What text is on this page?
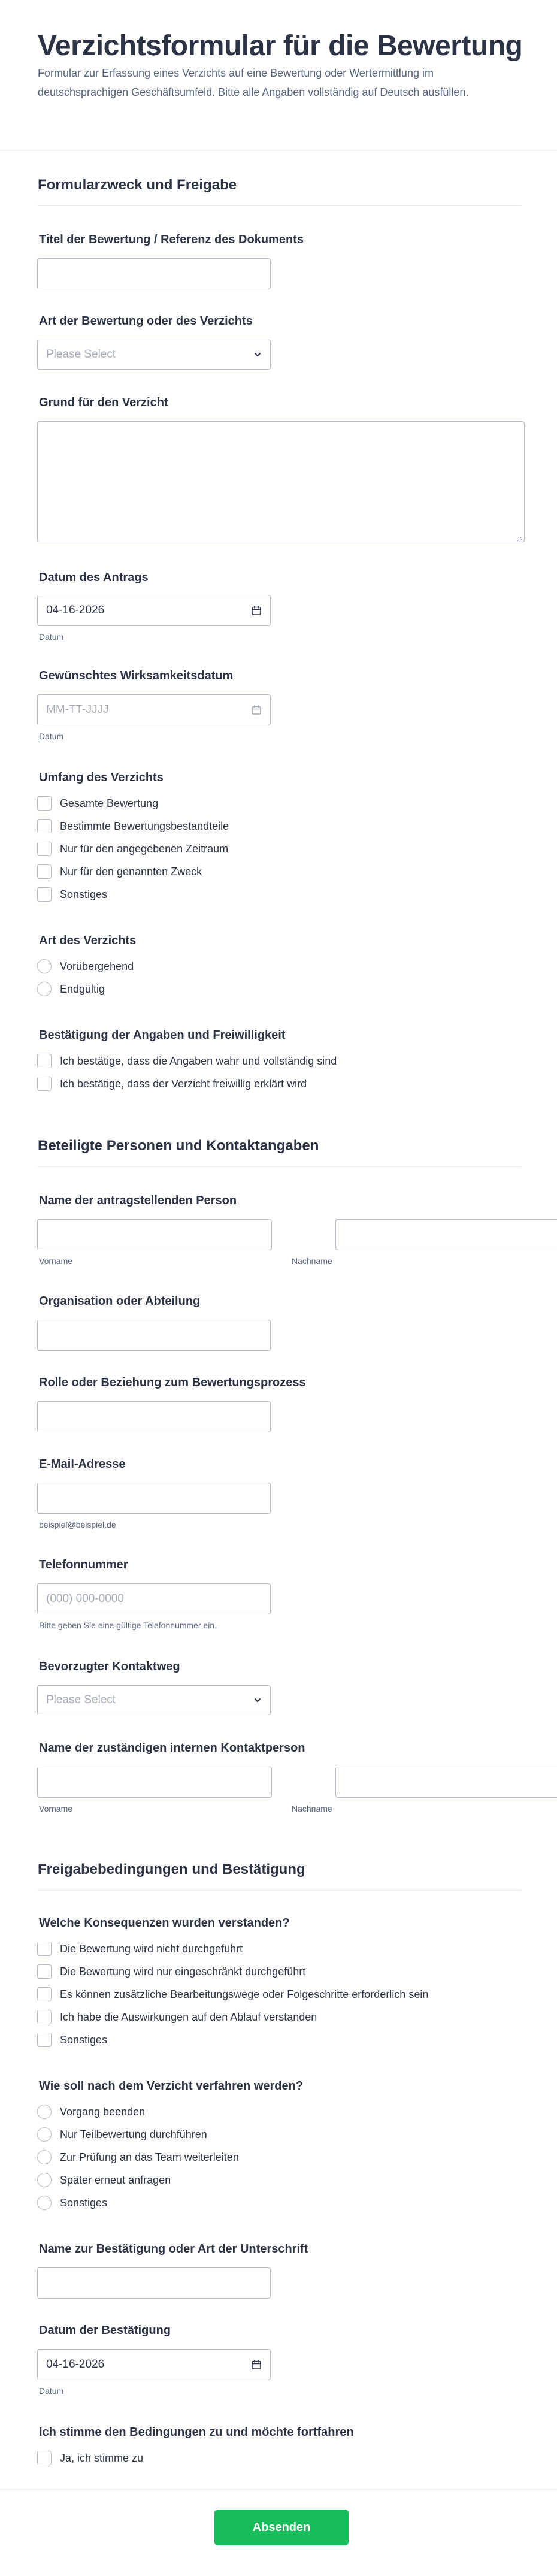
Verzichtsformular für die Bewertung
Formular zur Erfassung eines Verzichts auf eine Bewertung oder Wertermittlung im deutschsprachigen Geschäftsumfeld. Bitte alle Angaben vollständig auf Deutsch ausfüllen.
Formularzweck und Freigabe
Titel der Bewertung / Referenz des Dokuments
Art der Bewertung oder des Verzichts
Please Select
Grund für den Verzicht
Datum des Antrags
04-16-2026
Datum
Gewünschtes Wirksamkeitsdatum
MM-TT-JJJJ
Datum
Umfang des Verzichts
Gesamte Bewertung
Bestimmte Bewertungsbestandteile
Nur für den angegebenen Zeitraum
Nur für den genannten Zweck
Sonstiges
Art des Verzichts
Vorübergehend
Endgültig
Bestätigung der Angaben und Freiwilligkeit
Ich bestätige, dass die Angaben wahr und vollständig sind
Ich bestätige, dass der Verzicht freiwillig erklärt wird
Beteiligte Personen und Kontaktangaben
Name der antragstellenden Person
Vorname	Nachname
Organisation oder Abteilung
Rolle oder Beziehung zum Bewertungsprozess
E-Mail-Adresse
beispiel@beispiel.de
Telefonnummer
(000) 000-0000
Bitte geben Sie eine gültige Telefonnummer ein.
Bevorzugter Kontaktweg
Please Select
Name der zuständigen internen Kontaktperson
Vorname	Nachname
Freigabebedingungen und Bestätigung
Welche Konsequenzen wurden verstanden?
Die Bewertung wird nicht durchgeführt
Die Bewertung wird nur eingeschränkt durchgeführt
Es können zusätzliche Bearbeitungswege oder Folgeschritte erforderlich sein
Ich habe die Auswirkungen auf den Ablauf verstanden
Sonstiges
Wie soll nach dem Verzicht verfahren werden?
Vorgang beenden
Nur Teilbewertung durchführen
Zur Prüfung an das Team weiterleiten
Später erneut anfragen
Sonstiges
Name zur Bestätigung oder Art der Unterschrift
Datum der Bestätigung
04-16-2026
Datum
Ich stimme den Bedingungen zu und möchte fortfahren
Ja, ich stimme zu
Absenden
